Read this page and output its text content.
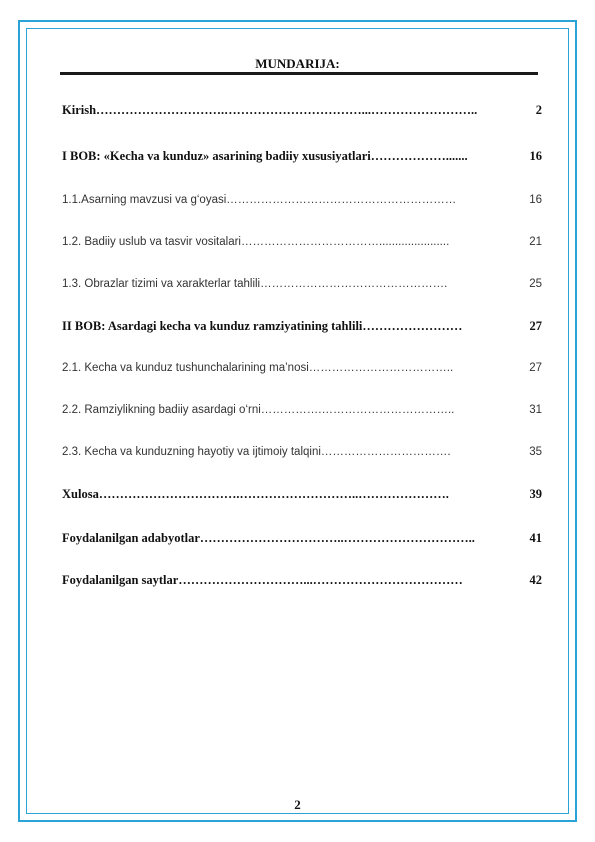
MUNDARIJA:
Kirish………………………….……………………………...……………………..	2
I BOB: «Kecha va kunduz» asarining badiiy xususiyatlari……………….......	16
1.1.Asarning mavzusi va g‘oyasi……………………………………………………	16
1.2. Badiiy uslub va tasvir vositalari………………………………......................	21
1.3. Obrazlar tizimi va xarakterlar tahlili………………………………………….	25
II BOB: Asardagi kecha va kunduz ramziyatining tahlili……………………	27
2.1. Kecha va kunduz tushunchalarining ma’nosi………………………………..	27
2.2. Ramziylikning badiiy asardagi o‘rni…………….……………………………..	31
2.3. Kecha va kunduzning hayotiy va ijtimoiy talqini…………………………….	35
Xulosa…………………………….………………………..………………….	39
Foydalanilgan adabyotlar……………………………..…………………………..	41
Foydalanilgan saytlar…………………………...………………………………	42
2
